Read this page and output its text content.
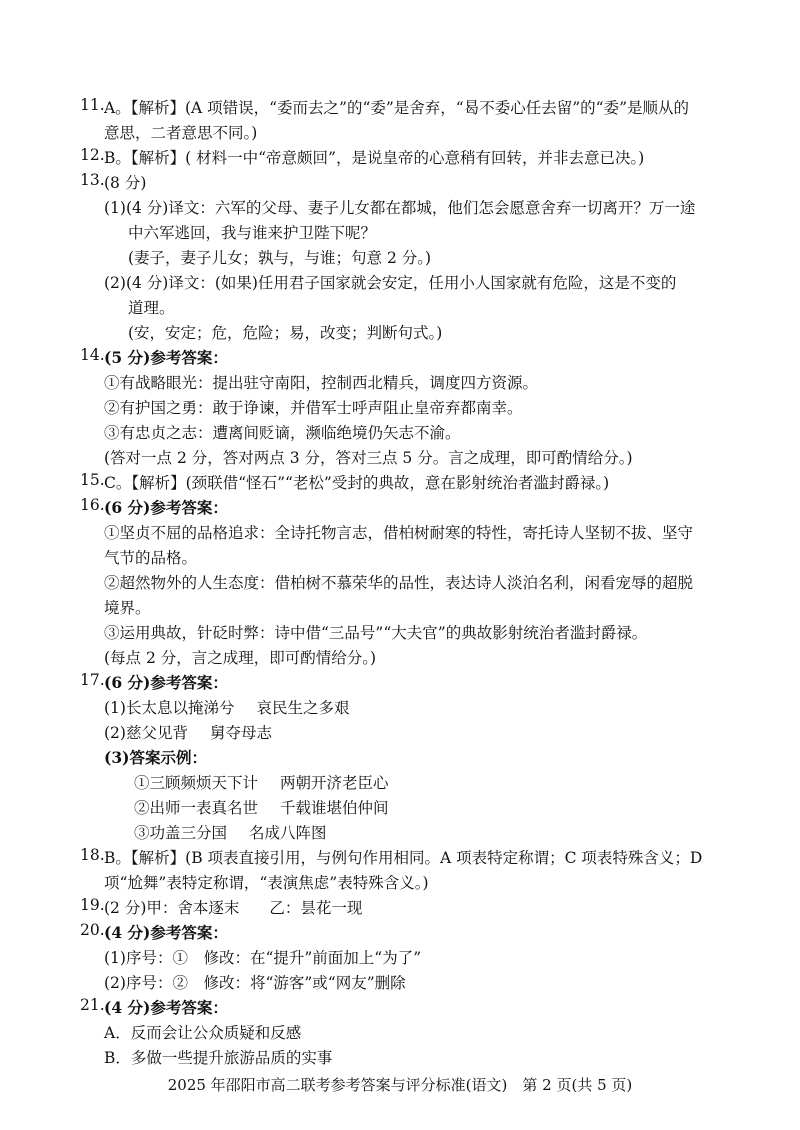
11. A。【解析】(A 项错误，“委而去之”的“委”是舍弃，“曷不委心任去留”的“委”是顺从的
意思，二者意思不同。)
12. B。【解析】( 材料一中“帝意颇回”，是说皇帝的心意稍有回转，并非去意已决。)
13. (8 分)
(1)(4 分)译文：六军的父母、妻子儿女都在都城，他们怎会愿意舍弃一切离开？万一途
中六军逃回，我与谁来护卫陛下呢？
(妻子，妻子儿女；孰与，与谁；句意 2 分。)
(2)(4 分)译文：(如果)任用君子国家就会安定，任用小人国家就有危险，这是不变的
道理。
(安，安定；危，危险；易，改变；判断句式。)
14. (5 分)参考答案：
①有战略眼光：提出驻守南阳，控制西北精兵，调度四方资源。
②有护国之勇：敢于诤谏，并借军士呼声阻止皇帝弃都南幸。
③有忠贞之志：遭离间贬谪，濒临绝境仍矢志不渝。
(答对一点 2 分，答对两点 3 分，答对三点 5 分。言之成理，即可酌情给分。)
15. C。【解析】(颈联借“怪石”“老松”受封的典故，意在影射统治者滥封爵禄。)
16. (6 分)参考答案：
①坚贞不屈的品格追求：全诗托物言志，借柏树耐寒的特性，寄托诗人坚韧不拔、坚守
气节的品格。
②超然物外的人生态度：借柏树不慕荣华的品性，表达诗人淡泊名利，闲看宠辱的超脱
境界。
③运用典故，针砭时弊：诗中借“三品号”“大夫官”的典故影射统治者滥封爵禄。
(每点 2 分，言之成理，即可酌情给分。)
17. (6 分)参考答案：
(1)长太息以掩涕兮 哀民生之多艰
(2)慈父见背 舅夺母志
(3)答案示例：
①三顾频烦天下计 两朝开济老臣心
②出师一表真名世 千载谁堪伯仲间
③功盖三分国 名成八阵图
18. B。【解析】(B 项表直接引用，与例句作用相同。A 项表特定称谓；C 项表特殊含义；D
项“尬舞”表特定称谓，“表演焦虑”表特殊含义。)
19. (2 分)甲：舍本逐末 乙：昙花一现
20. (4 分)参考答案：
(1)序号：①　修改：在“提升”前面加上“为了”
(2)序号：②　修改：将“游客”或“网友”删除
21. (4 分)参考答案：
A．反而会让公众质疑和反感
B．多做一些提升旅游品质的实事
2025 年邵阳市高二联考参考答案与评分标准(语文)　第 2 页(共 5 页)
